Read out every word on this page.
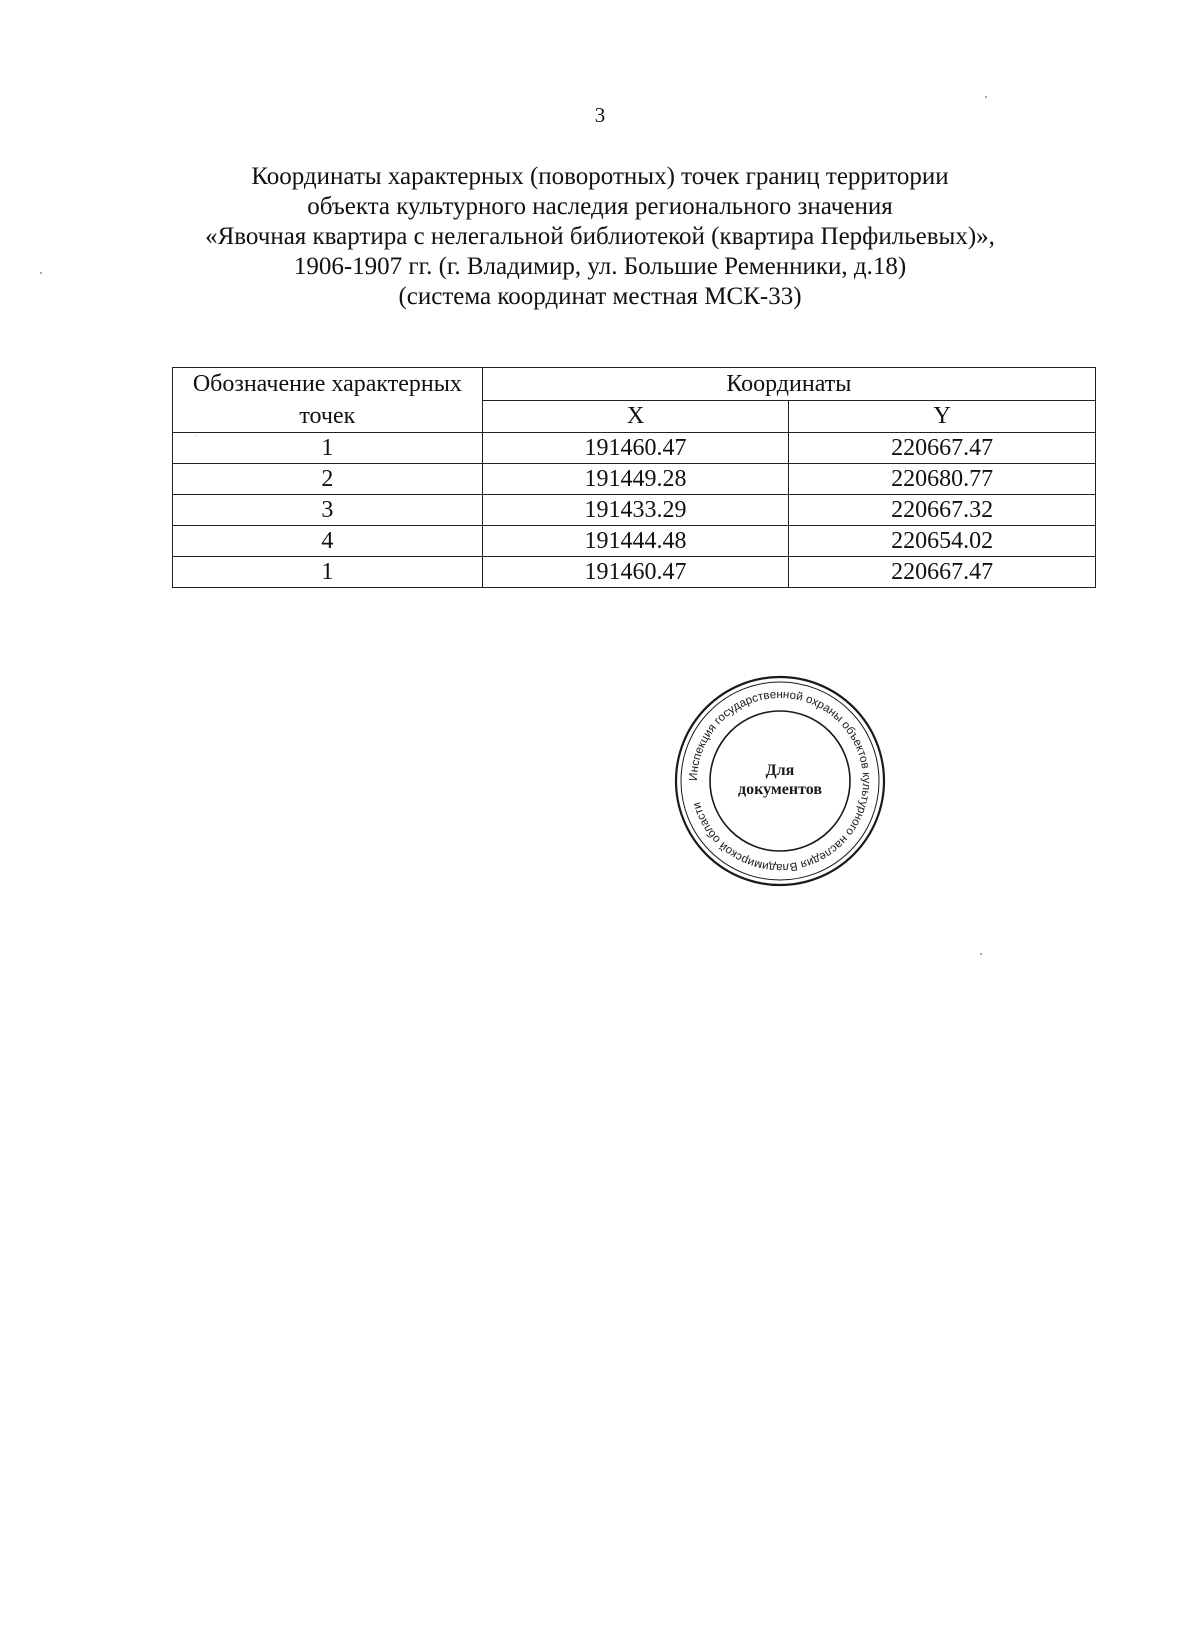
3
Координаты характерных (поворотных) точек границ территории
объекта культурного наследия регионального значения
«Явочная квартира с нелегальной библиотекой (квартира Перфильевых)»,
1906-1907 гг. (г. Владимир, ул. Большие Ременники, д.18)
(система координат местная МСК-33)
Обозначение характерных точек	Координаты	
	X	Y
1	191460.47	220667.47
2	191449.28	220680.77
3	191433.29	220667.32
4	191444.48	220654.02
1	191460.47	220667.47
Инспекция государственной охраны объектов культурного наследия Владимирской области
Для
документов
